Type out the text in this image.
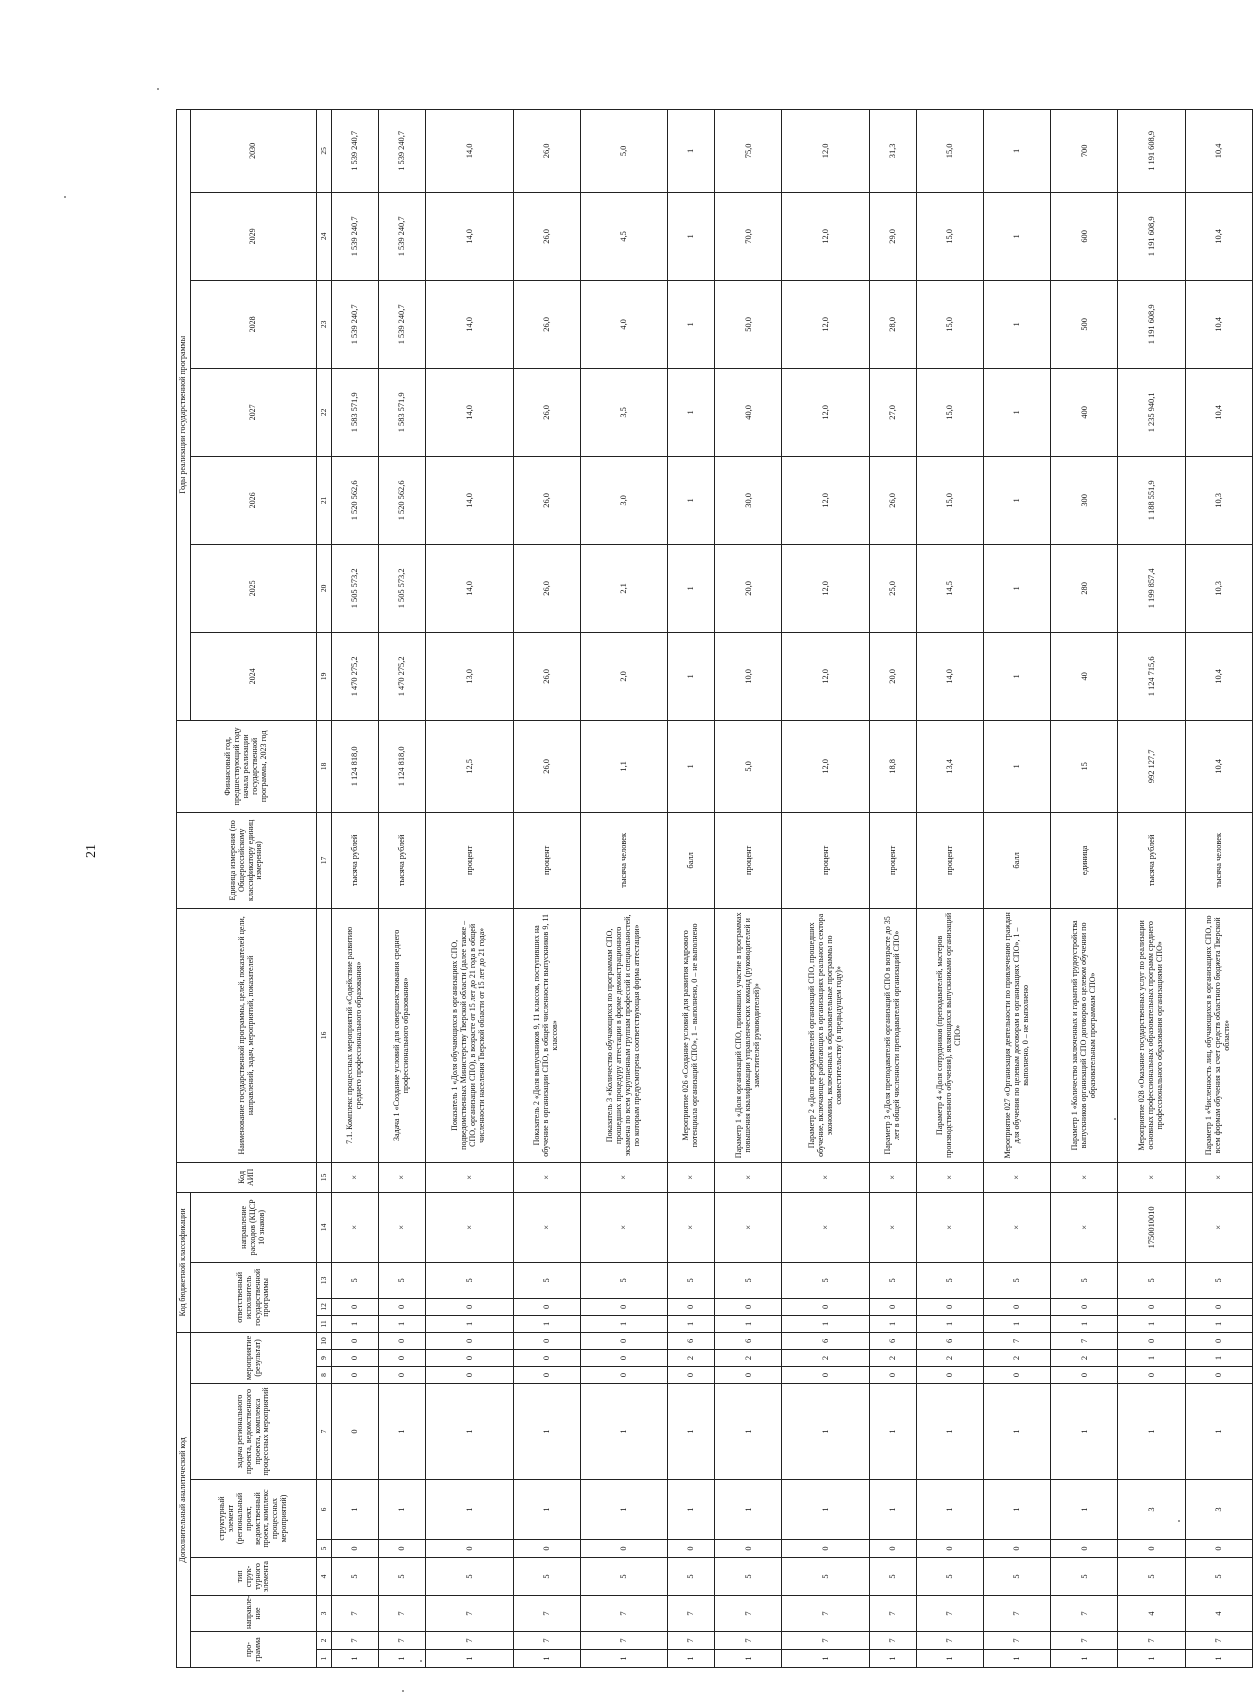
21
Дополнительный аналитический код										Код бюджетной классификации				Код АИП	Наименование государственной программы, целей, показателей цели, направлений, задач, мероприятий, показателей	Единица измерения (по Общероссийскому классификатору единиц измерения)	Финансовый год, предшествующий году начала реализации государственной программы, 2023 год	Годы реализации государственной программы						
про-грамма		направле-ние	тип струк-турного элемента	структурный элемент (региональный проект, ведомственный проект, комплекс процессных мероприятий)		задача регионального проекта, ведомственного проекта, комплекса процессных мероприятий	мероприятие (результат)			ответственный исполнитель государственной программы			направление расходов (КЦСР 10 знаков)					2024	2025	2026	2027	2028	2029	2030

1	2	3	4	5	6	7	8	9	10	11	12	13	14	15	16	17	18	19	20	21	22	23	24	25
1	7	7	5	0	1	0	0	0	0	1	0	5	×	×	7.1. Комплекс процессных мероприятий «Содействие развитию среднего профессионального образования»	тысяча рублей	1 124 818,0	1 470 275,2	1 505 573,2	1 520 562,6	1 583 571,9	1 539 240,7	1 539 240,7	1 539 240,7
1	7	7	5	0	1	1	0	0	0	1	0	5	×	×	Задача 1 «Создание условий для совершенствования среднего профессионального образования»	тысяча рублей	1 124 818,0	1 470 275,2	1 505 573,2	1 520 562,6	1 583 571,9	1 539 240,7	1 539 240,7	1 539 240,7
1	7	7	5	0	1	1	0	0	0	1	0	5	×	×	Показатель 1 «Доля обучающихся в организациях СПО, подведомственных Министерству Тверской области (далее также – СПО, организации СПО), в возрасте от 15 лет до 21 года в общей численности населения Тверской области от 15 лет до 21 года»	процент	12,5	13,0	14,0	14,0	14,0	14,0	14,0	14,0
1	7	7	5	0	1	1	0	0	0	1	0	5	×	×	Показатель 2 «Доля выпускников 9, 11 классов, поступивших на обучение в организации СПО, в общей численности выпускников 9, 11 классов»	процент	26,0	26,0	26,0	26,0	26,0	26,0	26,0	26,0
1	7	7	5	0	1	1	0	0	0	1	0	5	×	×	Показатель 3 «Количество обучающихся по программам СПО, прошедших процедуру аттестации в форме демонстрационного экзамена по всем укрупненным группам профессий и специальностей, по которым предусмотрена соответствующая форма аттестации»	тысяча человек	1,1	2,0	2,1	3,0	3,5	4,0	4,5	5,0
1	7	7	5	0	1	1	0	2	6	1	0	5	×	×	Мероприятие 026 «Создание условий для развития кадрового потенциала организаций СПО», 1 – выполнено, 0 – не выполнено	балл	1	1	1	1	1	1	1	1
1	7	7	5	0	1	1	0	2	6	1	0	5	×	×	Параметр 1 «Доля организаций СПО, принявших участие в программах повышения квалификации управленческих команд (руководителей и заместителей руководителей)»	процент	5,0	10,0	20,0	30,0	40,0	50,0	70,0	75,0
1	7	7	5	0	1	1	0	2	6	1	0	5	×	×	Параметр 2 «Доля преподавателей организаций СПО, прошедших обучение, включающее работающих в организациях реального сектора экономики, включенных в образовательные программы по совместительству (в предыдущем году)»	процент	12,0	12,0	12,0	12,0	12,0	12,0	12,0	12,0
1	7	7	5	0	1	1	0	2	6	1	0	5	×	×	Параметр 3 «Доля преподавателей организаций СПО в возрасте до 35 лет в общей численности преподавателей организаций СПО»	процент	18,8	20,0	25,0	26,0	27,0	28,0	29,0	31,3
1	7	7	5	0	1	1	0	2	6	1	0	5	×	×	Параметр 4 «Доля сотрудников (преподавателей, мастеров производственного обучения), являющихся выпускниками организаций СПО»	процент	13,4	14,0	14,5	15,0	15,0	15,0	15,0	15,0
1	7	7	5	0	1	1	0	2	7	1	0	5	×	×	Мероприятие 027 «Организация деятельности по привлечению граждан для обучения по целевым договорам в организациях СПО», 1 – выполнено, 0 – не выполнено	балл	1	1	1	1	1	1	1	1
1	7	7	5	0	1	1	0	2	7	1	0	5	×	×	Параметр 1 «Количество заключенных и гарантий трудоустройства выпускников организаций СПО договоров о целевом обучении по образовательным программам СПО»	единица	15	40	280	300	400	500	600	700
1	7	4	5	0	3	1	0	1	0	1	0	5	1750010010	×	Мероприятие 028 «Оказание государственных услуг по реализации основных профессиональных образовательных программ среднего профессионального образования организациями СПО»	тысяча рублей	992 127,7	1 124 715,6	1 199 857,4	1 188 551,9	1 235 940,1	1 191 608,9	1 191 608,9	1 191 608,9
1	7	4	5	0	3	1	0	1	0	1	0	5	×	×	Параметр 1 «Численность лиц, обучающихся в организациях СПО, по всем формам обучения за счет средств областного бюджета Тверской области»	тысяча человек	10,4	10,4	10,3	10,3	10,4	10,4	10,4	10,4
